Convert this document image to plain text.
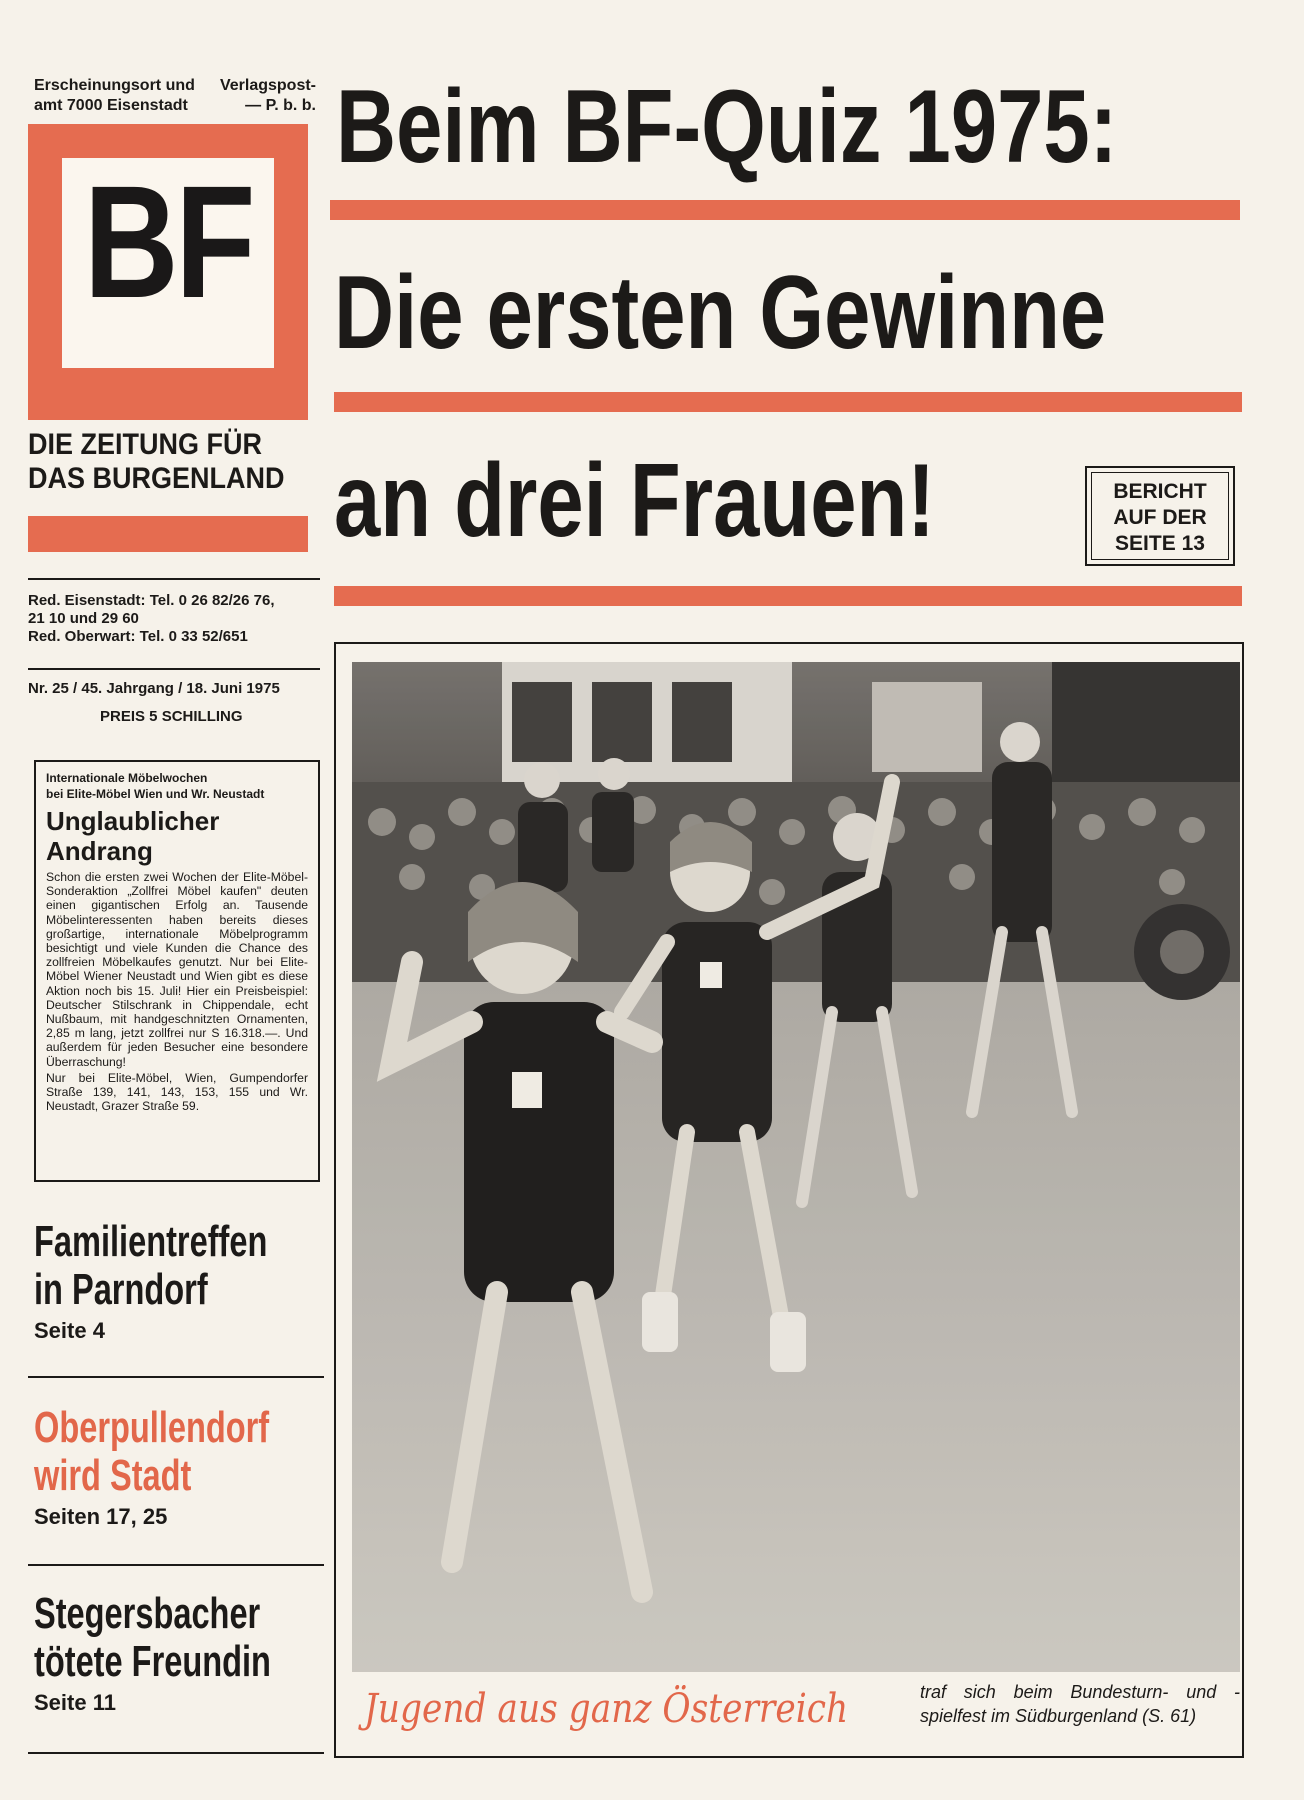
Erscheinungsort und Verlagspost-
amt 7000 Eisenstadt	— P. b. b.
BF
DIE ZEITUNG FÜR
DAS BURGENLAND
Red. Eisenstadt: Tel. 0 26 82/26 76,
21 10 und 29 60
Red. Oberwart: Tel. 0 33 52/651
Nr. 25 / 45. Jahrgang / 18. Juni 1975
PREIS 5 SCHILLING
Internationale Möbelwochen
bei Elite-Möbel Wien und Wr. Neustadt
Unglaublicher
Andrang
Schon die ersten zwei Wochen der Elite-Möbel-Sonderaktion „Zollfrei Möbel kaufen" deuten einen gigantischen Erfolg an. Tausende Möbelinteressenten haben bereits dieses großartige, internationale Möbelprogramm besichtigt und viele Kunden die Chance des zollfreien Möbelkaufes genutzt. Nur bei Elite-Möbel Wiener Neustadt und Wien gibt es diese Aktion noch bis 15. Juli! Hier ein Preisbeispiel: Deutscher Stilschrank in Chippendale, echt Nußbaum, mit handgeschnitzten Ornamenten, 2,85 m lang, jetzt zollfrei nur S 16.318.—. Und außerdem für jeden Besucher eine besondere Überraschung!
Nur bei Elite-Möbel, Wien, Gumpendorfer Straße 139, 141, 143, 153, 155 und Wr. Neustadt, Grazer Straße 59.
Familientreffen
in Parndorf
Seite 4
Oberpullendorf
wird Stadt
Seiten 17, 25
Stegersbacher
tötete Freundin
Seite 11
Beim BF-Quiz 1975:
Die ersten Gewinne
an drei Frauen!	BERICHT
AUF DER
SEITE 13
Jugend aus ganz Österreich	traf sich beim Bundesturn- und -spielfest im Südburgenland (S. 61)
